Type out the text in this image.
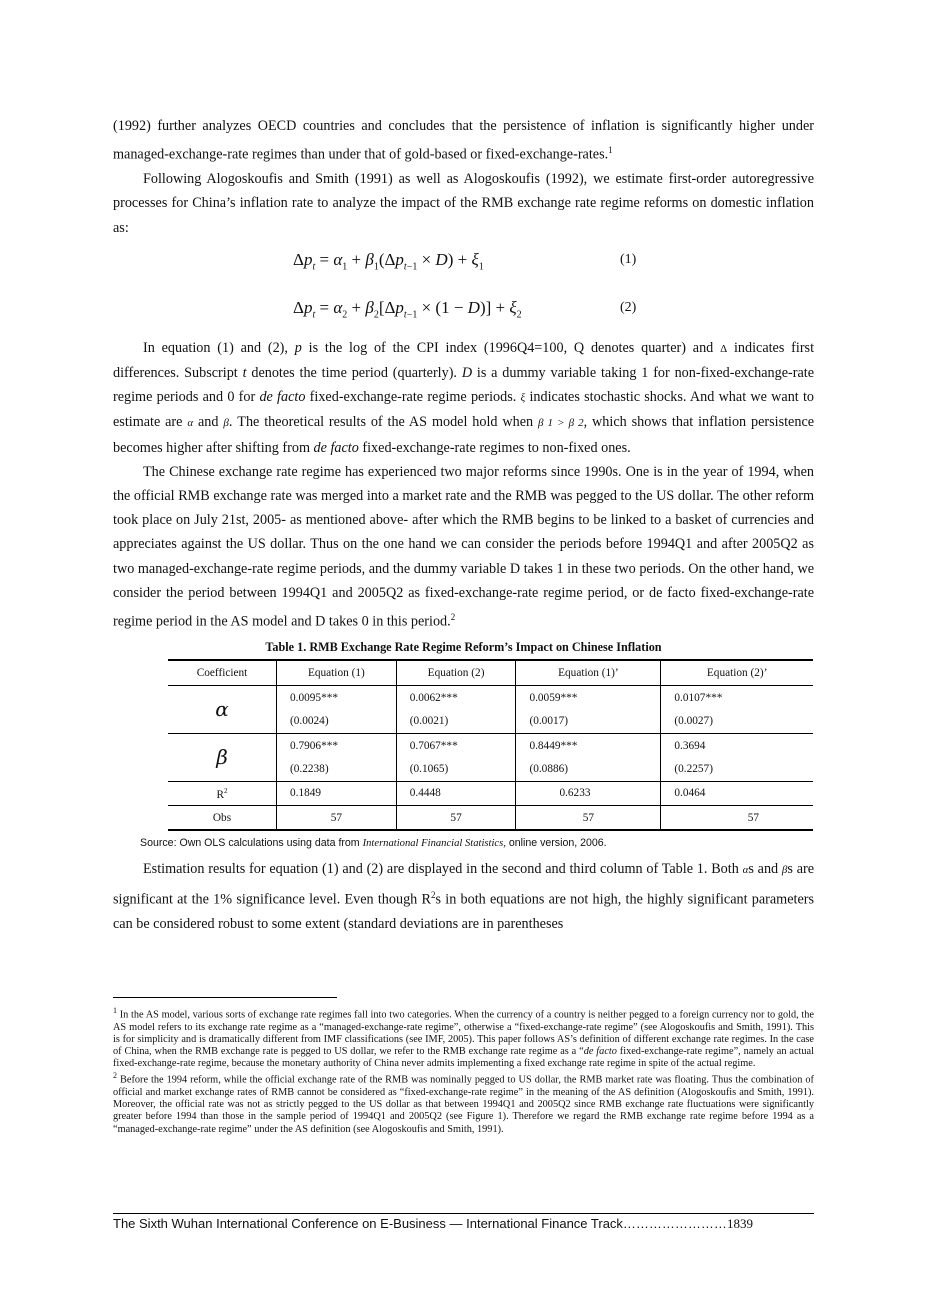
(1992) further analyzes OECD countries and concludes that the persistence of inflation is significantly higher under managed-exchange-rate regimes than under that of gold-based or fixed-exchange-rates.$^1$

Following Alogoskoufis and Smith (1991) as well as Alogoskoufis (1992), we estimate first-order autoregressive processes for China’s inflation rate to analyze the impact of the RMB exchange rate regime reforms on domestic inflation as:

$\Delta p_t = \alpha_1 + \beta_1(\Delta p_{t-1} \times D) + \xi_1$	(1)
$\Delta p_t = \alpha_2 + \beta_2[\Delta p_{t-1} \times (1 - D)] + \xi_2$	(2)

In equation (1) and (2), p is the log of the CPI index (1996Q4=100, Q denotes quarter) and Δ indicates first differences. Subscript t denotes the time period (quarterly). D is a dummy variable taking 1 for non-fixed-exchange-rate regime periods and 0 for de facto fixed-exchange-rate regime periods. ξ indicates stochastic shocks. And what we want to estimate are α and β. The theoretical results of the AS model hold when β 1 > β 2, which shows that inflation persistence becomes higher after shifting from de facto fixed-exchange-rate regimes to non-fixed ones.

The Chinese exchange rate regime has experienced two major reforms since 1990s. One is in the year of 1994, when the official RMB exchange rate was merged into a market rate and the RMB was pegged to the US dollar. The other reform took place on July 21st, 2005- as mentioned above- after which the RMB begins to be linked to a basket of currencies and appreciates against the US dollar. Thus on the one hand we can consider the periods before 1994Q1 and after 2005Q2 as two managed-exchange-rate regime periods, and the dummy variable D takes 1 in these two periods. On the other hand, we consider the period between 1994Q1 and 2005Q2 as fixed-exchange-rate regime period, or de facto fixed-exchange-rate regime period in the AS model and D takes 0 in this period.$^2$

Table 1. RMB Exchange Rate Regime Reform’s Impact on Chinese Inflation

Coefficient	Equation (1)	Equation (2)	Equation (1)’	Equation (2)’
α	0.0095***	0.0062***	0.0059***	0.0107***
	(0.0024)	(0.0021)	(0.0017)	(0.0027)
β	0.7906***	0.7067***	0.8449***	0.3694
	(0.2238)	(0.1065)	(0.0886)	(0.2257)
$R^2$	0.1849	0.4448	0.6233	0.0464
Obs	57	57	57	57

Source: Own OLS calculations using data from International Financial Statistics, online version, 2006.

Estimation results for equation (1) and (2) are displayed in the second and third column of Table 1. Both αs and βs are significant at the 1% significance level. Even though $R^2s$ in both equations are not high, the highly significant parameters can be considered robust to some extent (standard deviations are in parentheses

$^1$ In the AS model, various sorts of exchange rate regimes fall into two categories. When the currency of a country is neither pegged to a foreign currency nor to gold, the AS model refers to its exchange rate regime as a “managed-exchange-rate regime”, otherwise a “fixed-exchange-rate regime” (see Alogoskoufis and Smith, 1991). This is for simplicity and is dramatically different from IMF classifications (see IMF, 2005). This paper follows AS’s definition of different exchange rate regimes. In the case of China, when the RMB exchange rate is pegged to US dollar, we refer to the RMB exchange rate regime as a “de facto fixed-exchange-rate regime”, namely an actual fixed-exchange-rate regime, because the monetary authority of China never admits implementing a fixed exchange rate regime in spite of the actual regime.

$^2$ Before the 1994 reform, while the official exchange rate of the RMB was nominally pegged to US dollar, the RMB market rate was floating. Thus the combination of official and market exchange rates of RMB cannot be considered as “fixed-exchange-rate regime” in the meaning of the AS definition (Alogoskoufis and Smith, 1991). Moreover, the official rate was not as strictly pegged to the US dollar as that between 1994Q1 and 2005Q2 since RMB exchange rate fluctuations were significantly greater before 1994 than those in the sample period of 1994Q1 and 2005Q2 (see Figure 1). Therefore we regard the RMB exchange rate regime before 1994 as a “managed-exchange-rate regime” under the AS definition (see Alogoskoufis and Smith, 1991).

The Sixth Wuhan International Conference on E-Business — International Finance Track……………………1839
